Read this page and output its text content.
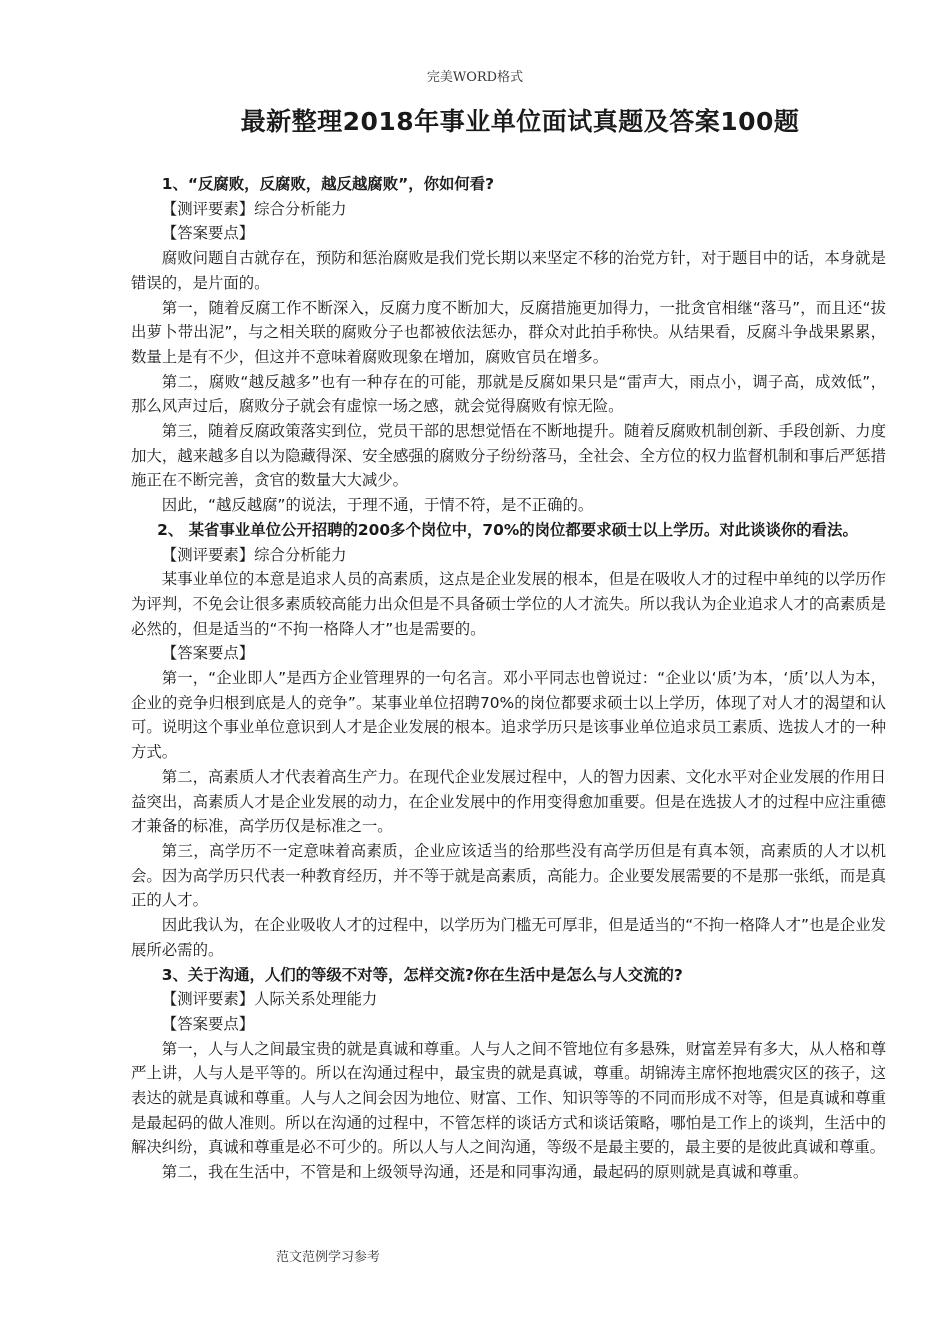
完美WORD格式
最新整理2018年事业单位面试真题及答案100题

1、“反腐败，反腐败，越反越腐败”，你如何看?

【测评要素】综合分析能力

【答案要点】

腐败问题自古就存在，预防和惩治腐败是我们党长期以来坚定不移的治党方针，对于题目中的话，本身就是错误的，是片面的。

第一，随着反腐工作不断深入，反腐力度不断加大，反腐措施更加得力，一批贪官相继“落马”，而且还“拔出萝卜带出泥”，与之相关联的腐败分子也都被依法惩办，群众对此拍手称快。从结果看，反腐斗争战果累累，数量上是有不少，但这并不意味着腐败现象在增加，腐败官员在增多。

第二，腐败“越反越多”也有一种存在的可能，那就是反腐如果只是“雷声大，雨点小，调子高，成效低”，那么风声过后，腐败分子就会有虚惊一场之感，就会觉得腐败有惊无险。

第三，随着反腐政策落实到位，党员干部的思想觉悟在不断地提升。随着反腐败机制创新、手段创新、力度加大，越来越多自以为隐藏得深、安全感强的腐败分子纷纷落马，全社会、全方位的权力监督机制和事后严惩措施正在不断完善，贪官的数量大大减少。

因此，“越反越腐”的说法，于理不通，于情不符，是不正确的。

2、 某省事业单位公开招聘的200多个岗位中，70%的岗位都要求硕士以上学历。对此谈谈你的看法。

【测评要素】综合分析能力

某事业单位的本意是追求人员的高素质，这点是企业发展的根本，但是在吸收人才的过程中单纯的以学历作为评判，不免会让很多素质较高能力出众但是不具备硕士学位的人才流失。所以我认为企业追求人才的高素质是必然的，但是适当的“不拘一格降人才”也是需要的。

【答案要点】

第一，“企业即人”是西方企业管理界的一句名言。邓小平同志也曾说过：“企业以‘质’为本，‘质’以人为本，企业的竞争归根到底是人的竞争”。某事业单位招聘70%的岗位都要求硕士以上学历，体现了对人才的渴望和认可。说明这个事业单位意识到人才是企业发展的根本。追求学历只是该事业单位追求员工素质、选拔人才的一种方式。

第二，高素质人才代表着高生产力。在现代企业发展过程中，人的智力因素、文化水平对企业发展的作用日益突出，高素质人才是企业发展的动力，在企业发展中的作用变得愈加重要。但是在选拔人才的过程中应注重德才兼备的标准，高学历仅是标准之一。

第三，高学历不一定意味着高素质，企业应该适当的给那些没有高学历但是有真本领，高素质的人才以机会。因为高学历只代表一种教育经历，并不等于就是高素质，高能力。企业要发展需要的不是那一张纸，而是真正的人才。

因此我认为，在企业吸收人才的过程中，以学历为门槛无可厚非，但是适当的“不拘一格降人才”也是企业发展所必需的。

3、关于沟通，人们的等级不对等，怎样交流?你在生活中是怎么与人交流的?

【测评要素】人际关系处理能力

【答案要点】

第一，人与人之间最宝贵的就是真诚和尊重。人与人之间不管地位有多悬殊，财富差异有多大，从人格和尊严上讲，人与人是平等的。所以在沟通过程中，最宝贵的就是真诚，尊重。胡锦涛主席怀抱地震灾区的孩子，这表达的就是真诚和尊重。人与人之间会因为地位、财富、工作、知识等等的不同而形成不对等，但是真诚和尊重是最起码的做人准则。所以在沟通的过程中，不管怎样的谈话方式和谈话策略，哪怕是工作上的谈判，生活中的解决纠纷，真诚和尊重是必不可少的。所以人与人之间沟通，等级不是最主要的，最主要的是彼此真诚和尊重。

第二，我在生活中，不管是和上级领导沟通，还是和同事沟通，最起码的原则就是真诚和尊重。

范文范例学习参考
